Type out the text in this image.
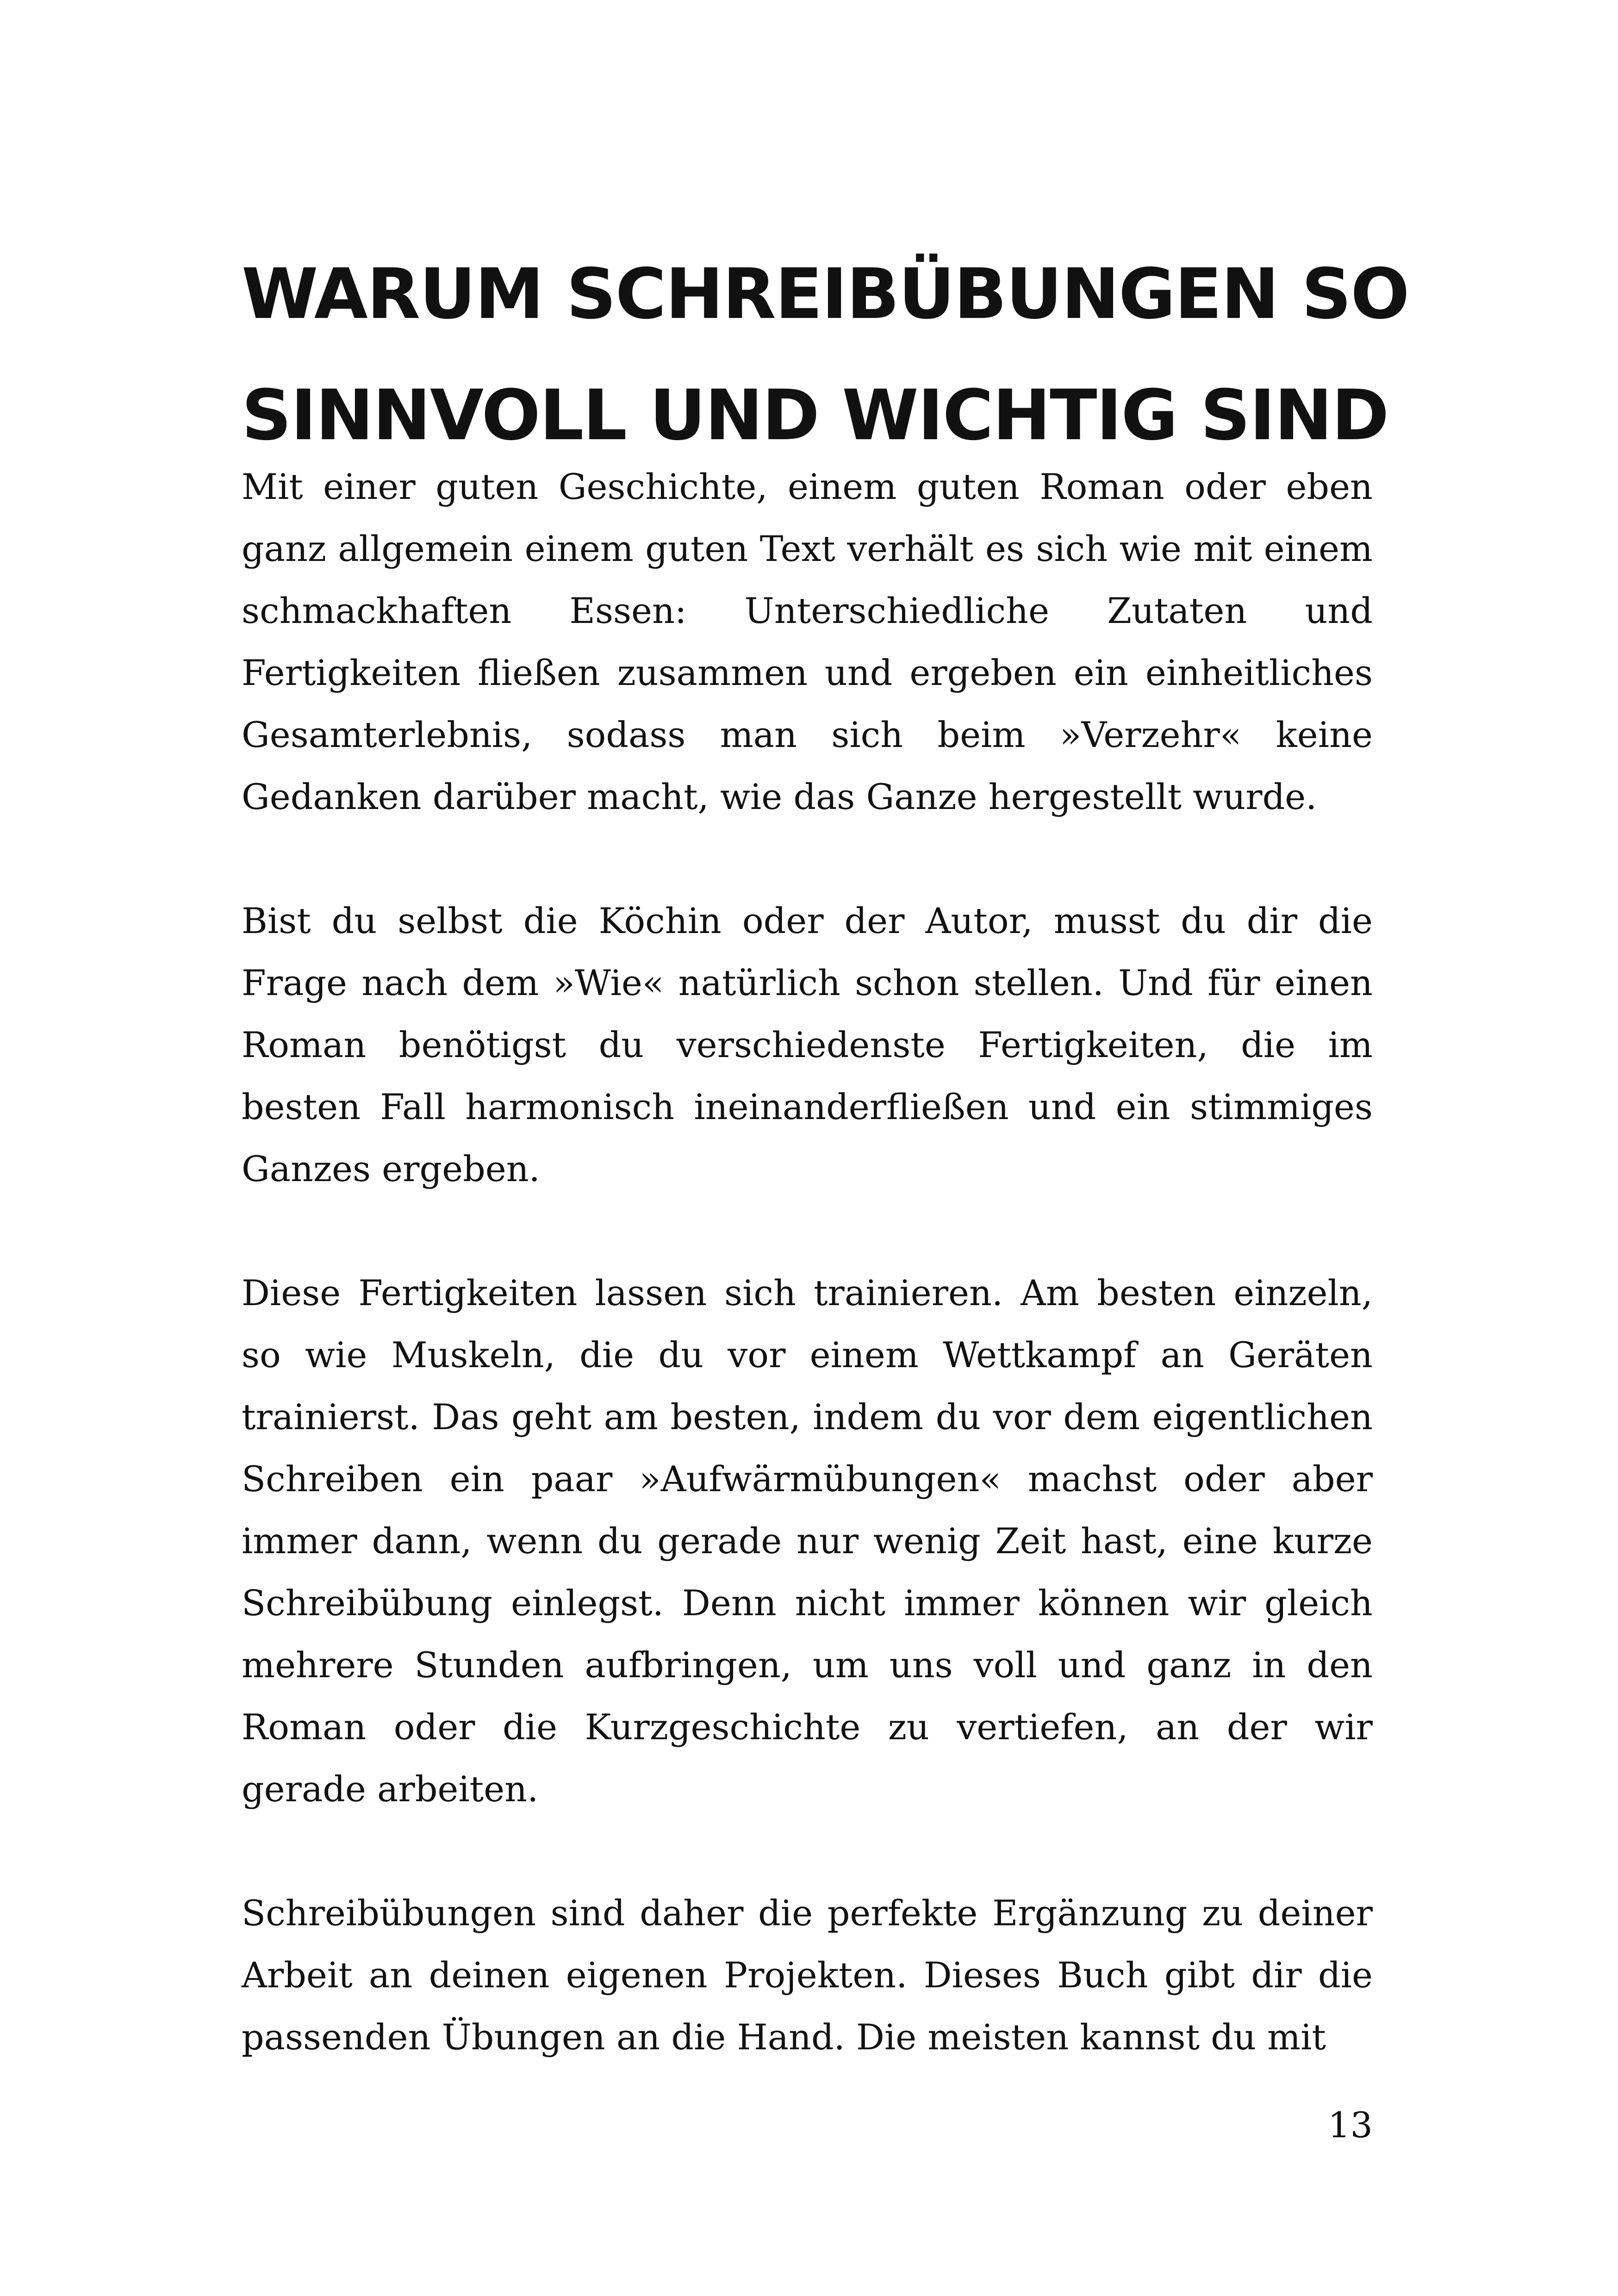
WARUM SCHREIBÜBUNGEN SO
SINNVOLL UND WICHTIG SIND

Mit einer guten Geschichte, einem guten Roman oder eben ganz allgemein einem guten Text verhält es sich wie mit einem schmackhaften Essen: Unterschiedliche Zutaten und Fertigkeiten fließen zusammen und ergeben ein einheitliches Gesamterlebnis, sodass man sich beim »Verzehr« keine Gedanken darüber macht, wie das Ganze hergestellt wurde.

Bist du selbst die Köchin oder der Autor, musst du dir die Frage nach dem »Wie« natürlich schon stellen. Und für einen Roman benötigst du verschiedenste Fertigkeiten, die im besten Fall harmonisch ineinanderfließen und ein stimmiges Ganzes ergeben.

Diese Fertigkeiten lassen sich trainieren. Am besten einzeln, so wie Muskeln, die du vor einem Wettkampf an Geräten trainierst. Das geht am besten, indem du vor dem eigentlichen Schreiben ein paar »Aufwärmübungen« machst oder aber immer dann, wenn du gerade nur wenig Zeit hast, eine kurze Schreibübung einlegst. Denn nicht immer können wir gleich mehrere Stunden aufbringen, um uns voll und ganz in den Roman oder die Kurzgeschichte zu vertiefen, an der wir gerade arbeiten.

Schreibübungen sind daher die perfekte Ergänzung zu deiner Arbeit an deinen eigenen Projekten. Dieses Buch gibt dir die passenden Übungen an die Hand. Die meisten kannst du mit

13
